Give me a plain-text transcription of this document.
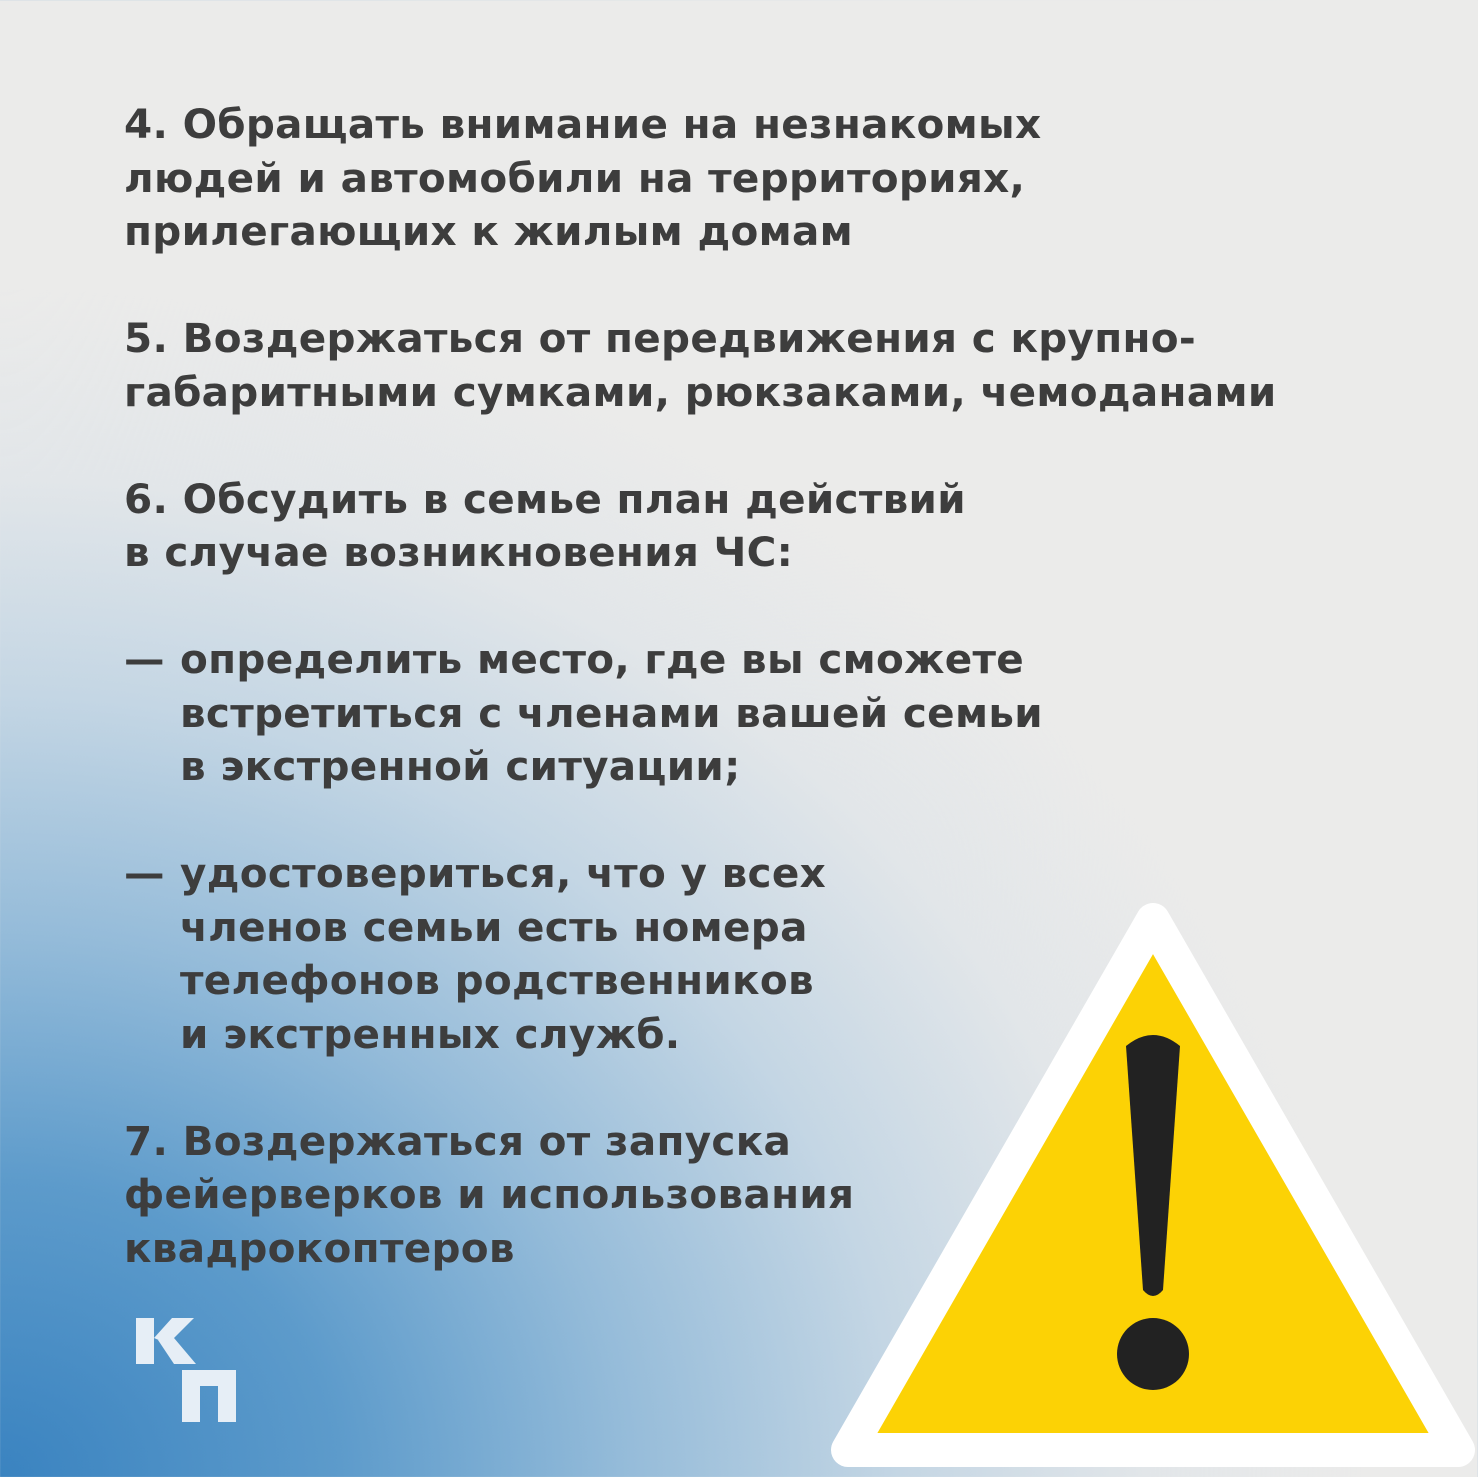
4. Обращать внимание на незнакомых
людей и автомобили на территориях,
прилегающих к жилым домам

5. Воздержаться от передвижения с крупно-
габаритными сумками, рюкзаками, чемоданами

6. Обсудить в семье план действий
в случае возникновения ЧС:

— определить место, где вы сможете
встретиться с членами вашей семьи
в экстренной ситуации;
— удостовериться, что у всех
членов семьи есть номера
телефонов родственников
и экстренных служб.

7. Воздержаться от запуска
фейерверков и использования
квадрокоптеров
